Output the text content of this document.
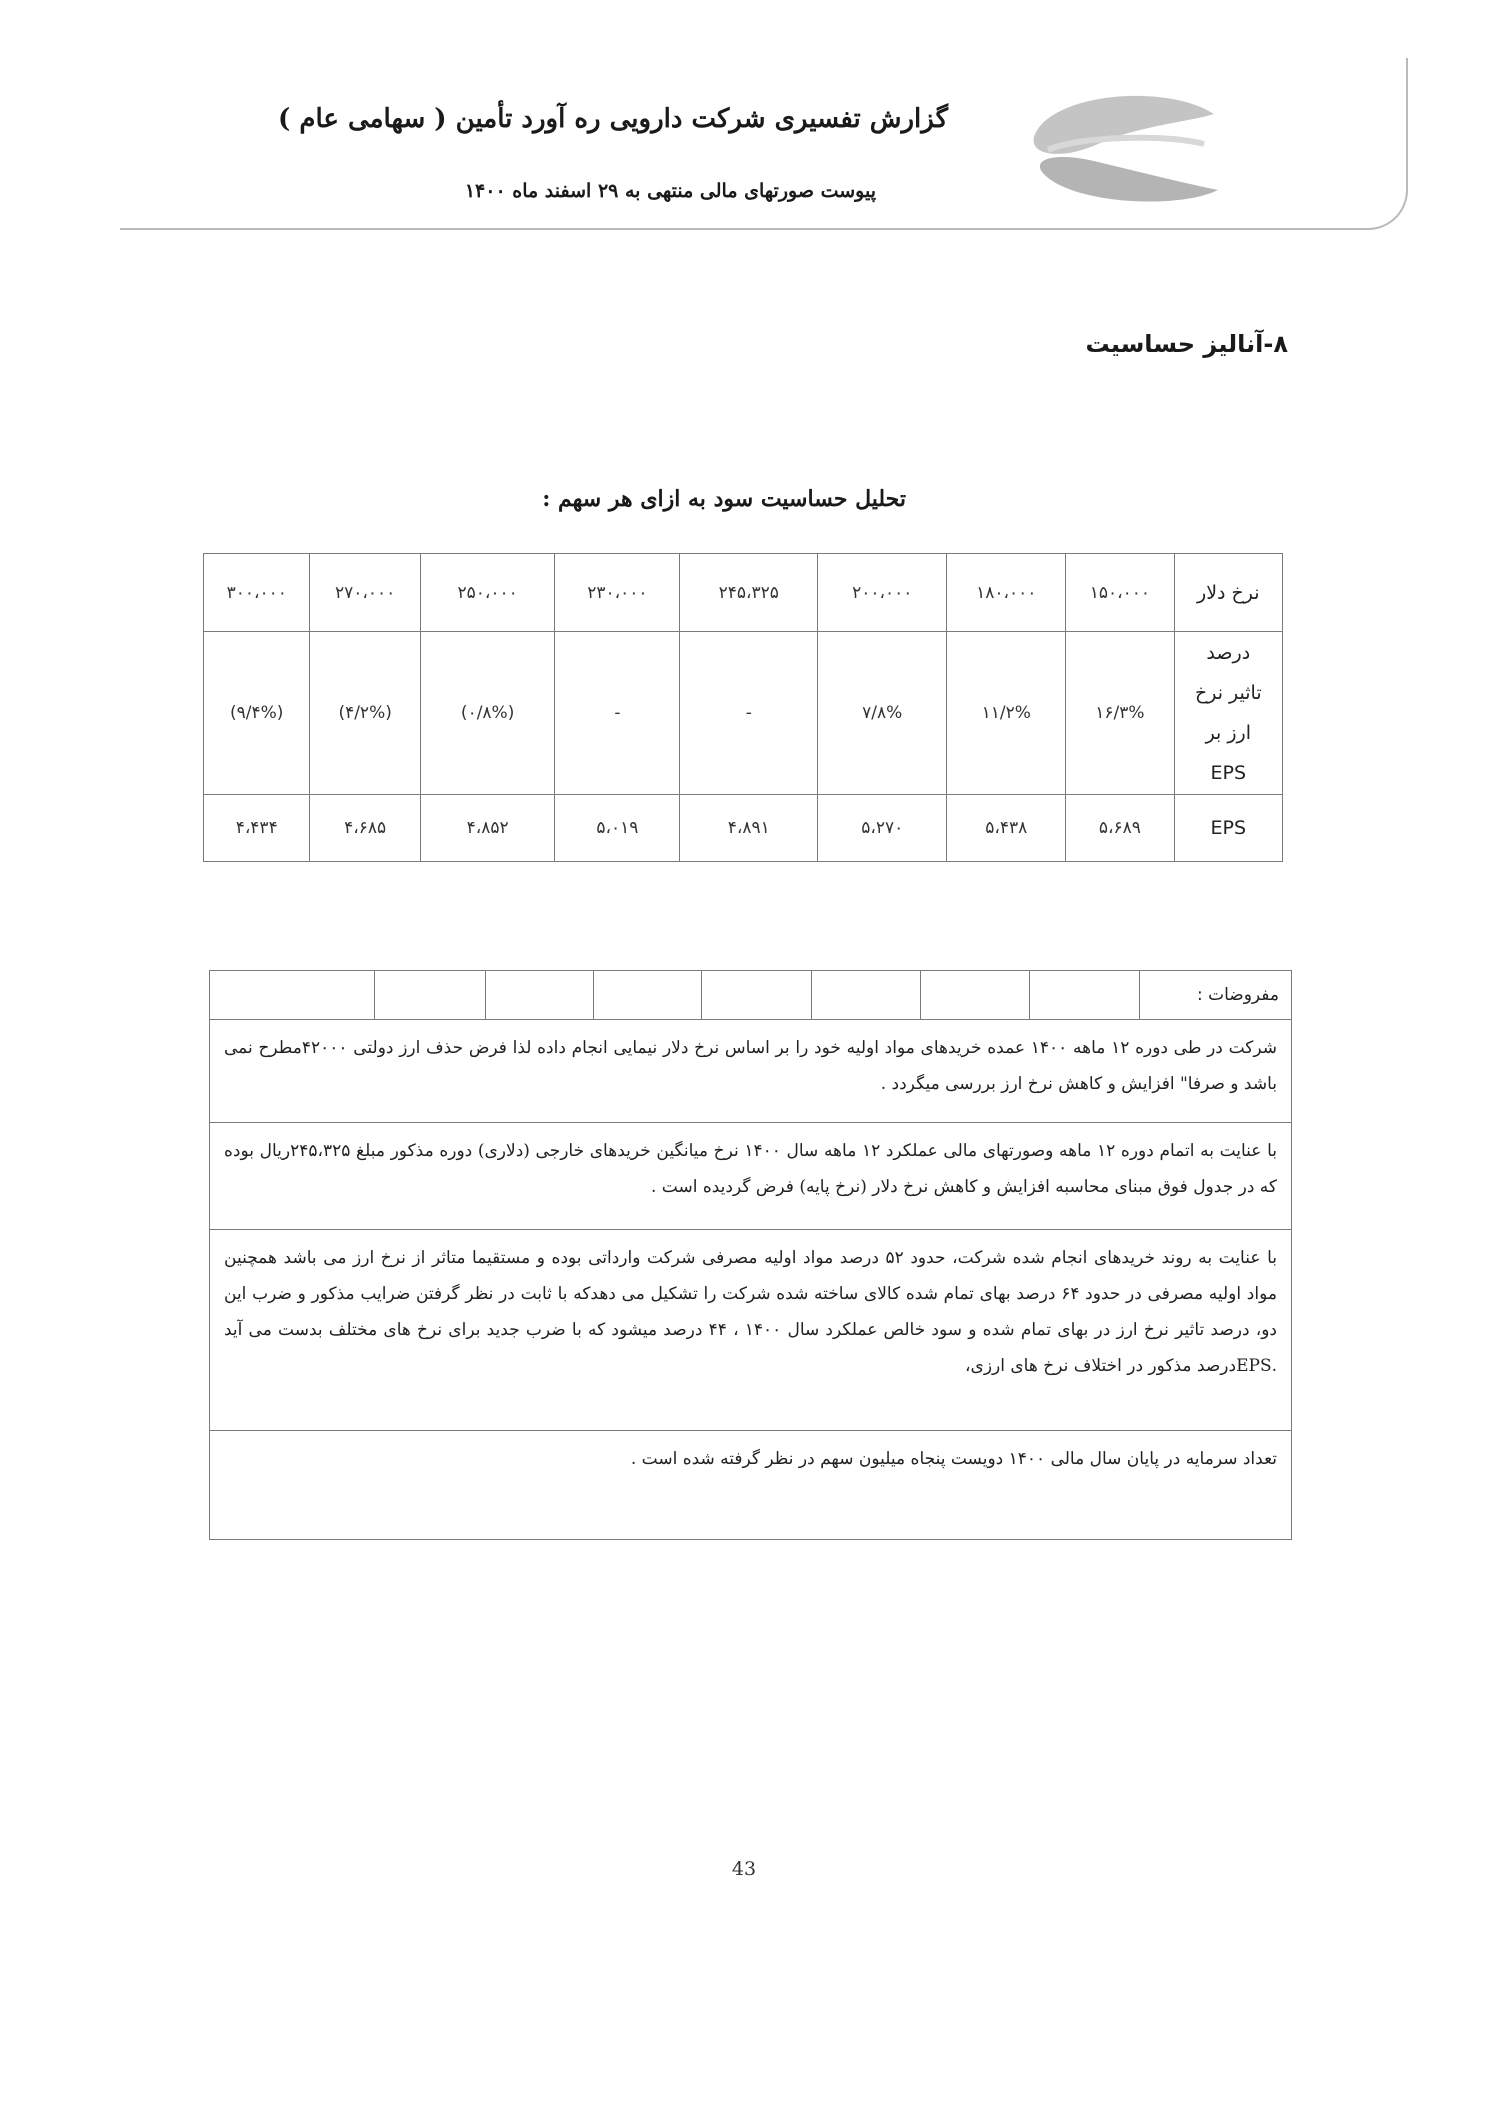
گزارش تفسیری شرکت دارویی ره آورد تأمین ( سهامی عام )
پیوست صورتهای مالی منتهی به ۲۹ اسفند ماه ۱۴۰۰
۸-آنالیز حساسیت
تحلیل حساسیت سود به ازای هر سهم :
نرخ دلار	۱۵۰،۰۰۰	۱۸۰،۰۰۰	۲۰۰،۰۰۰	۲۴۵،۳۲۵	۲۳۰،۰۰۰	۲۵۰،۰۰۰	۲۷۰،۰۰۰	۳۰۰،۰۰۰

درصد
تاثیر نرخ
ارز بر
EPS	۱۶/۳%	۱۱/۲%	۷/۸%	-	-	(۰/۸%)	(۴/۲%)	(۹/۴%)
EPS	۵،۶۸۹	۵،۴۳۸	۵،۲۷۰	۴،۸۹۱	۵،۰۱۹	۴،۸۵۲	۴،۶۸۵	۴،۴۳۴
مفروضات :								
شرکت در طی دوره ۱۲ ماهه ۱۴۰۰ عمده خریدهای مواد اولیه خود را بر اساس نرخ دلار نیمایی انجام داده لذا فرض حذف ارز دولتی ۴۲۰۰۰مطرح نمی باشد و صرفا" افزایش و کاهش نرخ ارز بررسی میگردد .
با عنایت به اتمام دوره ۱۲ ماهه وصورتهای مالی عملکرد ۱۲ ماهه سال ۱۴۰۰ نرخ میانگین خریدهای خارجی (دلاری) دوره مذکور مبلغ ۲۴۵،۳۲۵ریال بوده که در جدول فوق مبنای محاسبه افزایش و کاهش نرخ دلار (نرخ پایه) فرض گردیده است .
با عنایت به روند خریدهای انجام شده شرکت، حدود ۵۲ درصد مواد اولیه مصرفی شرکت وارداتی بوده و مستقیما متاثر از نرخ ارز می باشد همچنین مواد اولیه مصرفی در حدود ۶۴ درصد بهای تمام شده کالای ساخته شده شرکت را تشکیل می دهدکه با ثابت در نظر گرفتن ضرایب مذکور و ضرب این دو، درصد تاثیر نرخ ارز در بهای تمام شده و سود خالص عملکرد سال ۱۴۰۰ ، ۴۴ درصد میشود که با ضرب جدید برای نرخ های مختلف بدست می آید .EPSدرصد مذکور در اختلاف نرخ های ارزی،
تعداد سرمایه در پایان سال مالی ۱۴۰۰ دویست پنجاه میلیون سهم در نظر گرفته شده است .
43
